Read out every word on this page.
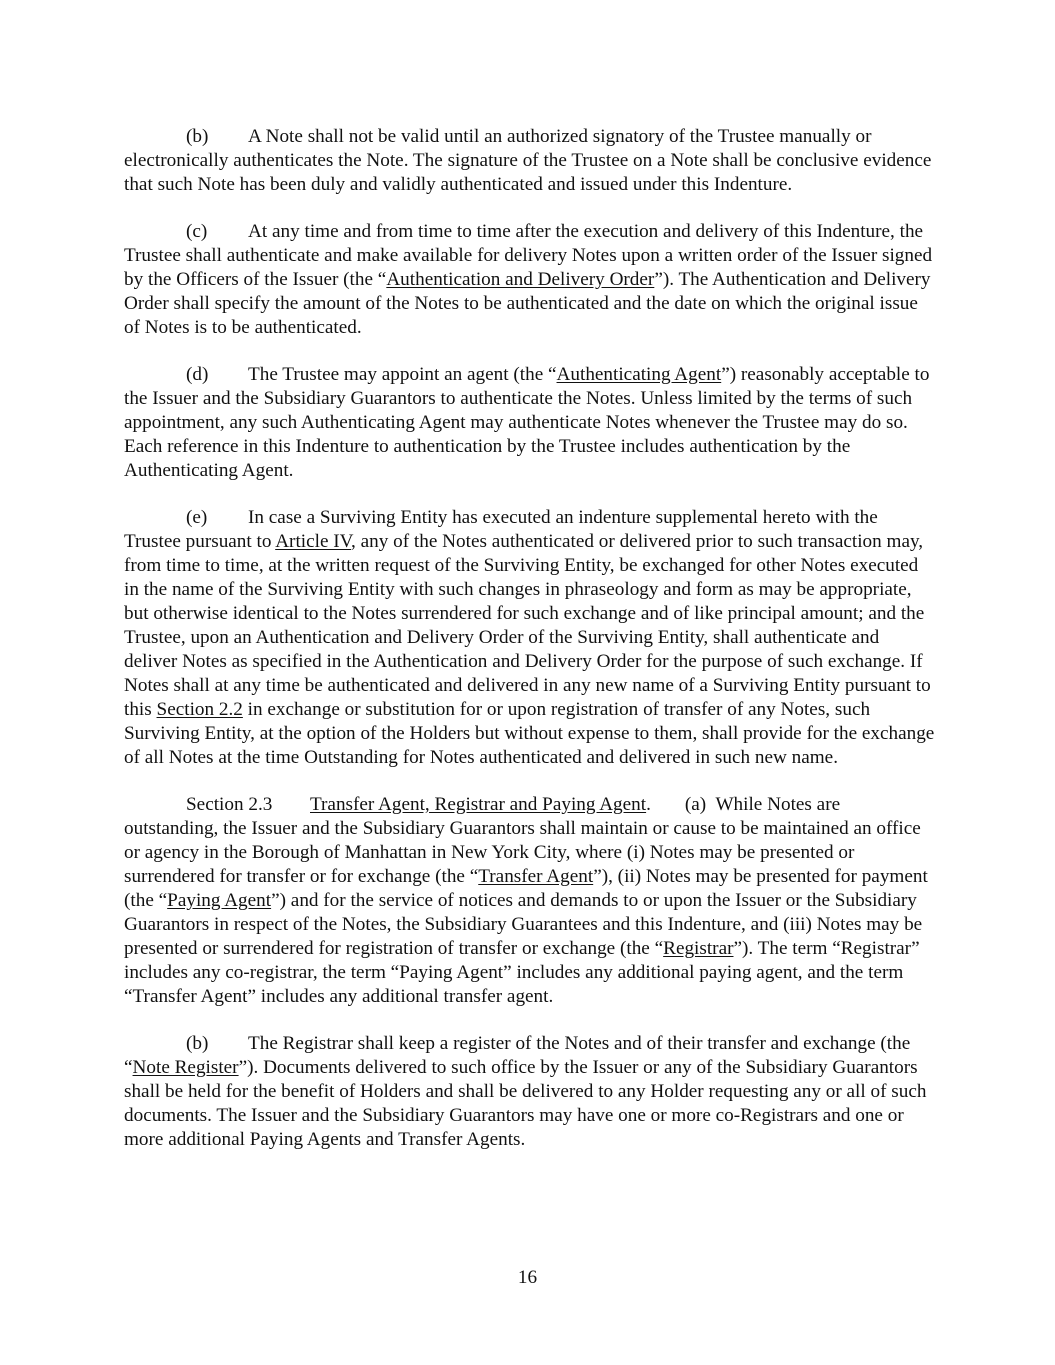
(b) A Note shall not be valid until an authorized signatory of the Trustee manually or electronically authenticates the Note. The signature of the Trustee on a Note shall be conclusive evidence that such Note has been duly and validly authenticated and issued under this Indenture.

(c) At any time and from time to time after the execution and delivery of this Indenture, the Trustee shall authenticate and make available for delivery Notes upon a written order of the Issuer signed by the Officers of the Issuer (the “Authentication and Delivery Order”). The Authentication and Delivery Order shall specify the amount of the Notes to be authenticated and the date on which the original issue of Notes is to be authenticated.

(d) The Trustee may appoint an agent (the “Authenticating Agent”) reasonably acceptable to the Issuer and the Subsidiary Guarantors to authenticate the Notes. Unless limited by the terms of such appointment, any such Authenticating Agent may authenticate Notes whenever the Trustee may do so. Each reference in this Indenture to authentication by the Trustee includes authentication by the Authenticating Agent.

(e) In case a Surviving Entity has executed an indenture supplemental hereto with the Trustee pursuant to Article IV, any of the Notes authenticated or delivered prior to such transaction may, from time to time, at the written request of the Surviving Entity, be exchanged for other Notes executed in the name of the Surviving Entity with such changes in phraseology and form as may be appropriate, but otherwise identical to the Notes surrendered for such exchange and of like principal amount; and the Trustee, upon an Authentication and Delivery Order of the Surviving Entity, shall authenticate and deliver Notes as specified in the Authentication and Delivery Order for the purpose of such exchange. If Notes shall at any time be authenticated and delivered in any new name of a Surviving Entity pursuant to this Section 2.2 in exchange or substitution for or upon registration of transfer of any Notes, such Surviving Entity, at the option of the Holders but without expense to them, shall provide for the exchange of all Notes at the time Outstanding for Notes authenticated and delivered in such new name.

Section 2.3 Transfer Agent, Registrar and Paying Agent. (a) While Notes are outstanding, the Issuer and the Subsidiary Guarantors shall maintain or cause to be maintained an office or agency in the Borough of Manhattan in New York City, where (i) Notes may be presented or surrendered for transfer or for exchange (the “Transfer Agent”), (ii) Notes may be presented for payment (the “Paying Agent”) and for the service of notices and demands to or upon the Issuer or the Subsidiary Guarantors in respect of the Notes, the Subsidiary Guarantees and this Indenture, and (iii) Notes may be presented or surrendered for registration of transfer or exchange (the “Registrar”). The term “Registrar” includes any co-registrar, the term “Paying Agent” includes any additional paying agent, and the term “Transfer Agent” includes any additional transfer agent.

(b) The Registrar shall keep a register of the Notes and of their transfer and exchange (the “Note Register”). Documents delivered to such office by the Issuer or any of the Subsidiary Guarantors shall be held for the benefit of Holders and shall be delivered to any Holder requesting any or all of such documents. The Issuer and the Subsidiary Guarantors may have one or more co-Registrars and one or more additional Paying Agents and Transfer Agents.

16
